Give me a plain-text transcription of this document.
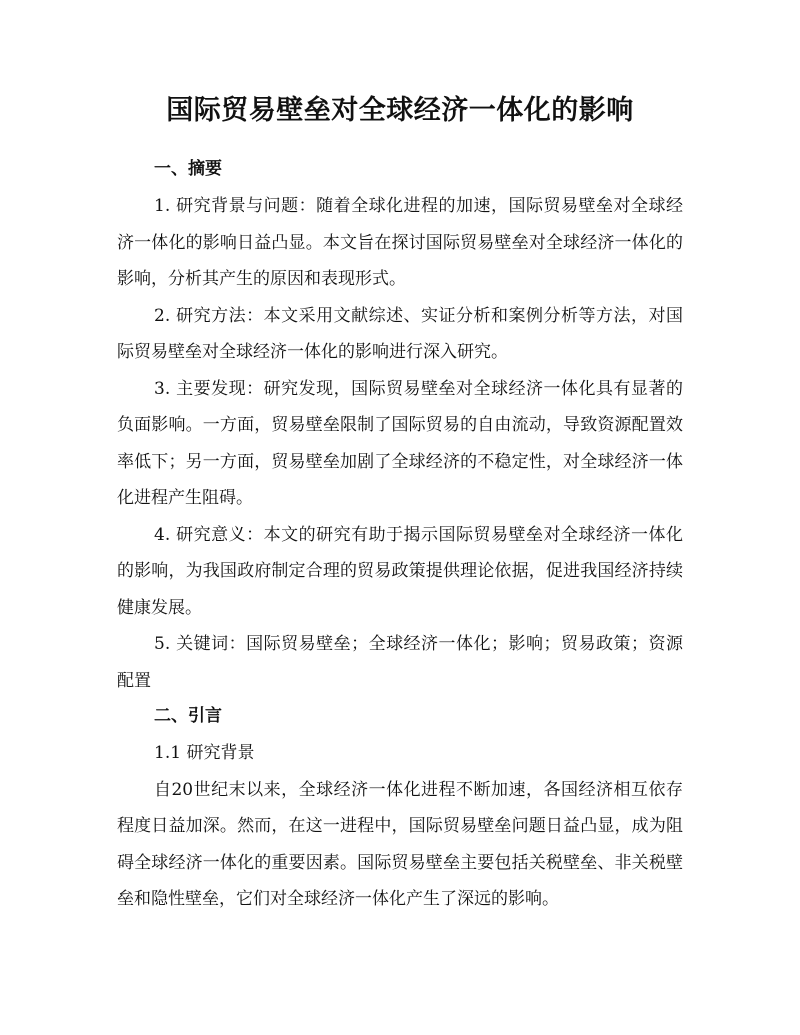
国际贸易壁垒对全球经济一体化的影响
一、摘要

1. 研究背景与问题：随着全球化进程的加速，国际贸易壁垒对全球经济一体化的影响日益凸显。本文旨在探讨国际贸易壁垒对全球经济一体化的影响，分析其产生的原因和表现形式。

2. 研究方法：本文采用文献综述、实证分析和案例分析等方法，对国际贸易壁垒对全球经济一体化的影响进行深入研究。

3. 主要发现：研究发现，国际贸易壁垒对全球经济一体化具有显著的负面影响。一方面，贸易壁垒限制了国际贸易的自由流动，导致资源配置效率低下；另一方面，贸易壁垒加剧了全球经济的不稳定性，对全球经济一体化进程产生阻碍。

4. 研究意义：本文的研究有助于揭示国际贸易壁垒对全球经济一体化的影响，为我国政府制定合理的贸易政策提供理论依据，促进我国经济持续健康发展。

5. 关键词：国际贸易壁垒；全球经济一体化；影响；贸易政策；资源配置

二、引言

1.1 研究背景

自20世纪末以来，全球经济一体化进程不断加速，各国经济相互依存程度日益加深。然而，在这一进程中，国际贸易壁垒问题日益凸显，成为阻碍全球经济一体化的重要因素。国际贸易壁垒主要包括关税壁垒、非关税壁垒和隐性壁垒，它们对全球经济一体化产生了深远的影响。
